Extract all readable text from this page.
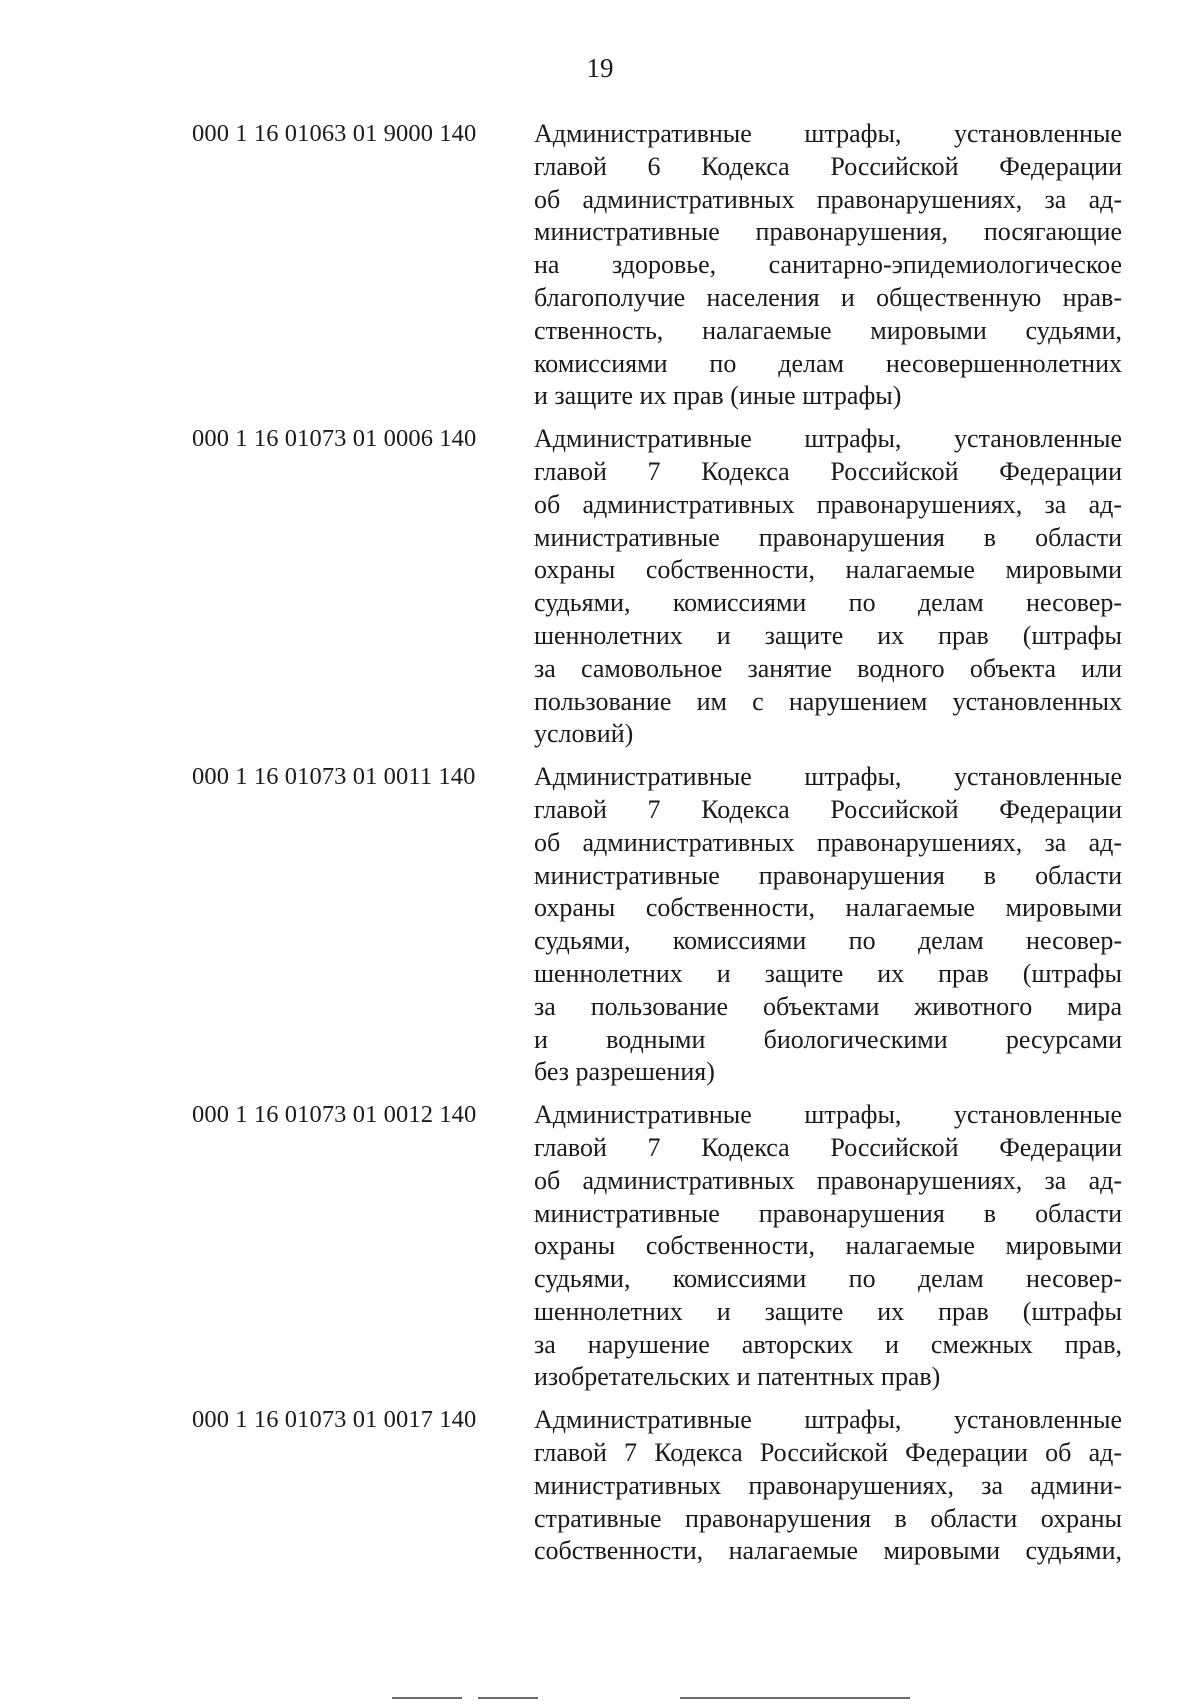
19
000 1 16 01063 01 9000 140	Административные штрафы, установленные
главой 6 Кодекса Российской Федерации
об административных правонарушениях, за ад-
министративные правонарушения, посягающие
на здоровье, санитарно-эпидемиологическое
благополучие населения и общественную нрав-
ственность, налагаемые мировыми судьями,
комиссиями по делам несовершеннолетних
и защите их прав (иные штрафы)
000 1 16 01073 01 0006 140	Административные штрафы, установленные
главой 7 Кодекса Российской Федерации
об административных правонарушениях, за ад-
министративные правонарушения в области
охраны собственности, налагаемые мировыми
судьями, комиссиями по делам несовер-
шеннолетних и защите их прав (штрафы
за самовольное занятие водного объекта или
пользование им с нарушением установленных
условий)
000 1 16 01073 01 0011 140	Административные штрафы, установленные
главой 7 Кодекса Российской Федерации
об административных правонарушениях, за ад-
министративные правонарушения в области
охраны собственности, налагаемые мировыми
судьями, комиссиями по делам несовер-
шеннолетних и защите их прав (штрафы
за пользование объектами животного мира
и водными биологическими ресурсами
без разрешения)
000 1 16 01073 01 0012 140	Административные штрафы, установленные
главой 7 Кодекса Российской Федерации
об административных правонарушениях, за ад-
министративные правонарушения в области
охраны собственности, налагаемые мировыми
судьями, комиссиями по делам несовер-
шеннолетних и защите их прав (штрафы
за нарушение авторских и смежных прав,
изобретательских и патентных прав)
000 1 16 01073 01 0017 140	Административные штрафы, установленные
главой 7 Кодекса Российской Федерации об ад-
министративных правонарушениях, за админи-
стративные правонарушения в области охраны
собственности, налагаемые мировыми судьями,
